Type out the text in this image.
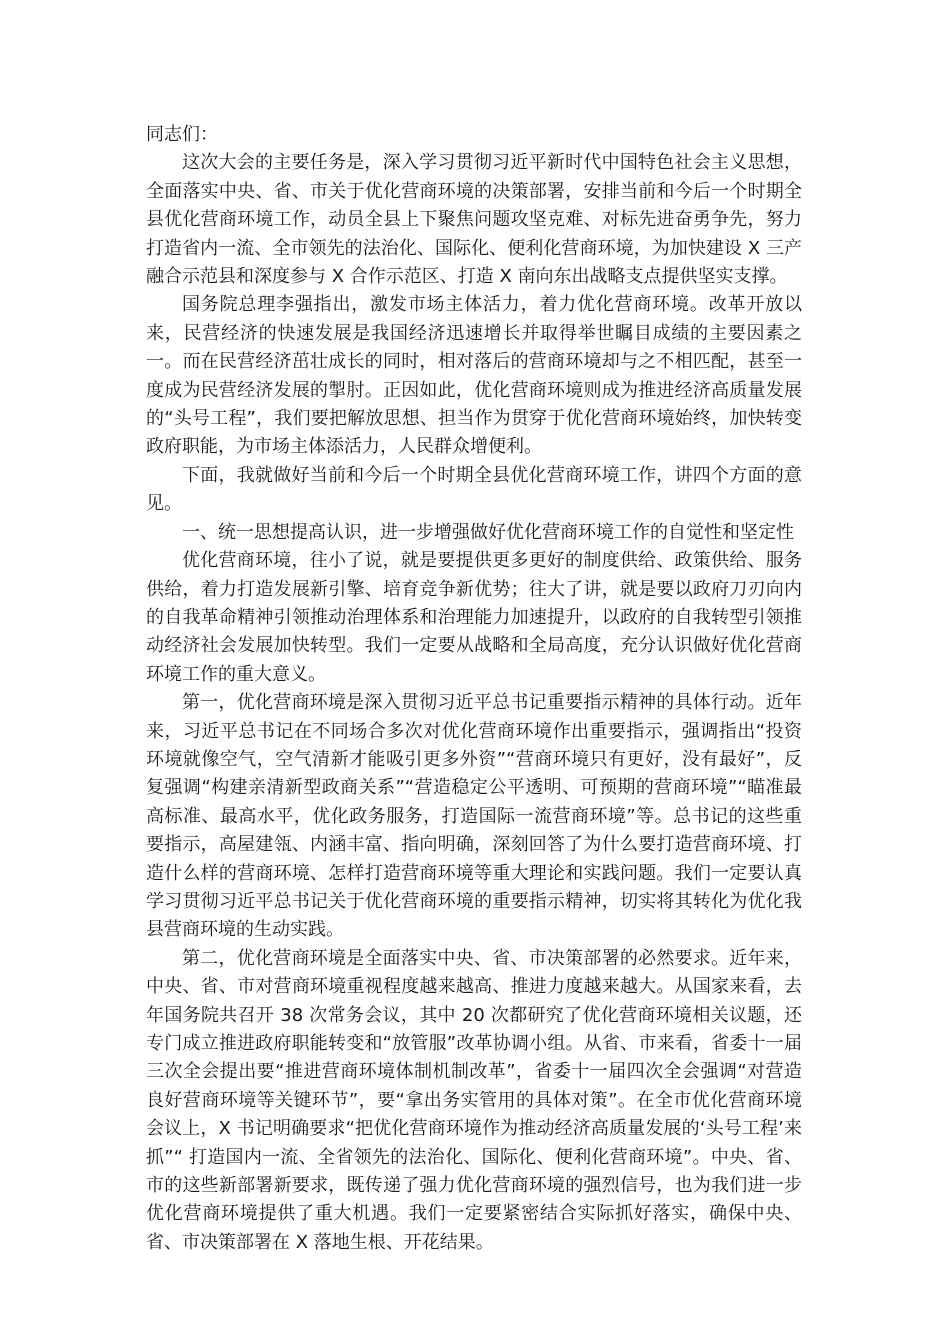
同志们：

这次大会的主要任务是，深入学习贯彻习近平新时代中国特色社会主义思想，全面落实中央、省、市关于优化营商环境的决策部署，安排当前和今后一个时期全县优化营商环境工作，动员全县上下聚焦问题攻坚克难、对标先进奋勇争先，努力打造省内一流、全市领先的法治化、国际化、便利化营商环境，为加快建设 X 三产融合示范县和深度参与 X 合作示范区、打造 X 南向东出战略支点提供坚实支撑。

国务院总理李强指出，激发市场主体活力，着力优化营商环境。改革开放以来，民营经济的快速发展是我国经济迅速增长并取得举世瞩目成绩的主要因素之一。而在民营经济茁壮成长的同时，相对落后的营商环境却与之不相匹配，甚至一度成为民营经济发展的掣肘。正因如此，优化营商环境则成为推进经济高质量发展的“头号工程”，我们要把解放思想、担当作为贯穿于优化营商环境始终，加快转变政府职能，为市场主体添活力，人民群众增便利。

下面，我就做好当前和今后一个时期全县优化营商环境工作，讲四个方面的意见。

一、统一思想提高认识，进一步增强做好优化营商环境工作的自觉性和坚定性

优化营商环境，往小了说，就是要提供更多更好的制度供给、政策供给、服务供给，着力打造发展新引擎、培育竞争新优势；往大了讲，就是要以政府刀刃向内的自我革命精神引领推动治理体系和治理能力加速提升，以政府的自我转型引领推动经济社会发展加快转型。我们一定要从战略和全局高度，充分认识做好优化营商环境工作的重大意义。

第一，优化营商环境是深入贯彻习近平总书记重要指示精神的具体行动。近年来，习近平总书记在不同场合多次对优化营商环境作出重要指示，强调指出“投资环境就像空气，空气清新才能吸引更多外资”“营商环境只有更好，没有最好”，反复强调“构建亲清新型政商关系”“营造稳定公平透明、可预期的营商环境”“瞄准最高标准、最高水平，优化政务服务，打造国际一流营商环境”等。总书记的这些重要指示，高屋建瓴、内涵丰富、指向明确，深刻回答了为什么要打造营商环境、打造什么样的营商环境、怎样打造营商环境等重大理论和实践问题。我们一定要认真学习贯彻习近平总书记关于优化营商环境的重要指示精神，切实将其转化为优化我县营商环境的生动实践。

第二，优化营商环境是全面落实中央、省、市决策部署的必然要求。近年来，中央、省、市对营商环境重视程度越来越高、推进力度越来越大。从国家来看，去年国务院共召开 38 次常务会议，其中 20 次都研究了优化营商环境相关议题，还专门成立推进政府职能转变和“放管服”改革协调小组。从省、市来看，省委十一届三次全会提出要“推进营商环境体制机制改革”，省委十一届四次全会强调“对营造良好营商环境等关键环节”，要“拿出务实管用的具体对策”。在全市优化营商环境会议上，X 书记明确要求“把优化营商环境作为推动经济高质量发展的‘头号工程’来抓”“ 打造国内一流、全省领先的法治化、国际化、便利化营商环境”。中央、省、市的这些新部署新要求，既传递了强力优化营商环境的强烈信号，也为我们进一步优化营商环境提供了重大机遇。我们一定要紧密结合实际抓好落实，确保中央、省、市决策部署在 X 落地生根、开花结果。
